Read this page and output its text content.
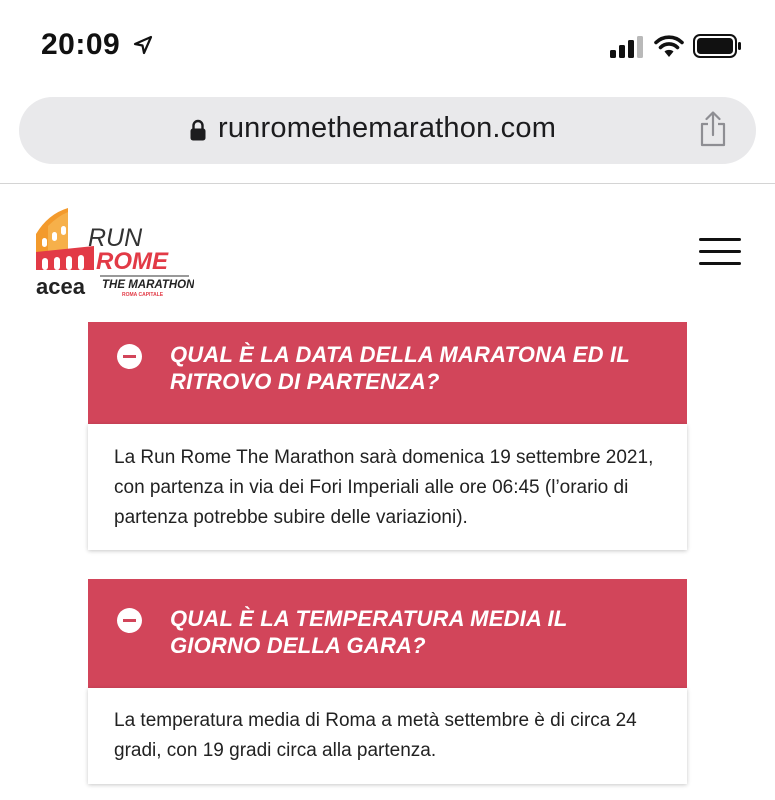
20:09
runromethemarathon.com
RUN
ROME
acea THE MARATHON
ROMA CAPITALE
QUAL È LA DATA DELLA MARATONA ED IL RITROVO DI PARTENZA?
La Run Rome The Marathon sarà domenica 19 settembre 2021, con partenza in via dei Fori Imperiali alle ore 06:45 (l’orario di partenza potrebbe subire delle variazioni).
QUAL È LA TEMPERATURA MEDIA IL GIORNO DELLA GARA?
La temperatura media di Roma a metà settembre è di circa 24 gradi, con 19 gradi circa alla partenza.
